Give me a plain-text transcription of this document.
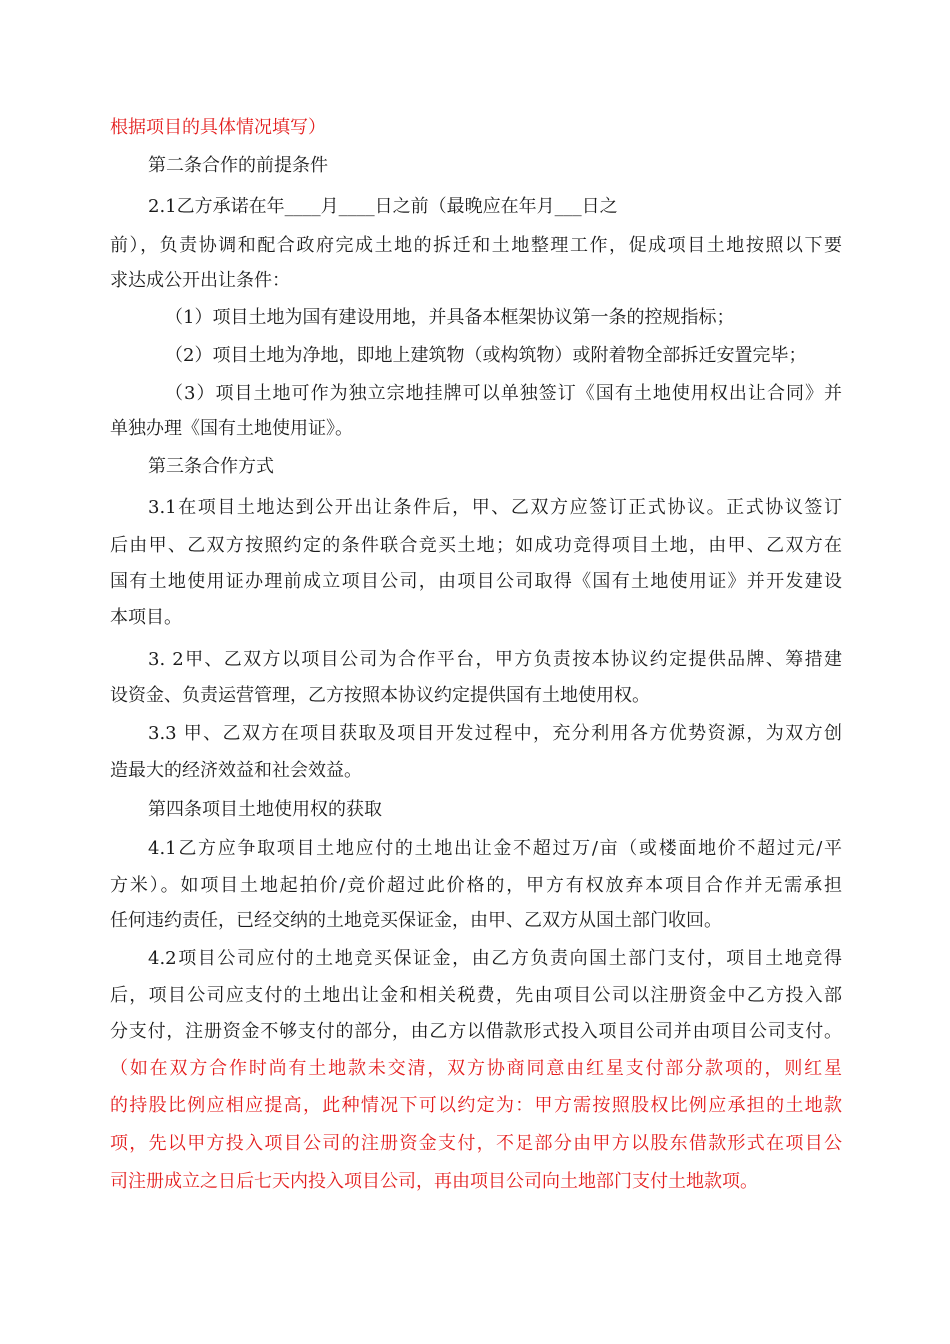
根据项目的具体情况填写）
第二条合作的前提条件
2.1乙方承诺在年____月____日之前（最晚应在年月___日之
前），负责协调和配合政府完成土地的拆迁和土地整理工作，促成项目土地按照以下要
求达成公开出让条件：
（1）项目土地为国有建设用地，并具备本框架协议第一条的控规指标；
（2）项目土地为净地，即地上建筑物（或构筑物）或附着物全部拆迁安置完毕；
（3）项目土地可作为独立宗地挂牌可以单独签订《国有土地使用权出让合同》并
单独办理《国有土地使用证》。
第三条合作方式
3.1在项目土地达到公开出让条件后，甲、乙双方应签订正式协议。正式协议签订
后由甲、乙双方按照约定的条件联合竞买土地；如成功竞得项目土地，由甲、乙双方在
国有土地使用证办理前成立项目公司，由项目公司取得《国有土地使用证》并开发建设
本项目。
3. 2甲、乙双方以项目公司为合作平台，甲方负责按本协议约定提供品牌、筹措建
设资金、负责运营管理，乙方按照本协议约定提供国有土地使用权。
3.3 甲、乙双方在项目获取及项目开发过程中，充分利用各方优势资源，为双方创
造最大的经济效益和社会效益。
第四条项目土地使用权的获取
4.1乙方应争取项目土地应付的土地出让金不超过万/亩（或楼面地价不超过元/平
方米）。如项目土地起拍价/竞价超过此价格的，甲方有权放弃本项目合作并无需承担
任何违约责任，已经交纳的土地竞买保证金，由甲、乙双方从国土部门收回。
4.2项目公司应付的土地竞买保证金，由乙方负责向国土部门支付，项目土地竞得
后，项目公司应支付的土地出让金和相关税费，先由项目公司以注册资金中乙方投入部
分支付，注册资金不够支付的部分，由乙方以借款形式投入项目公司并由项目公司支付。
（如在双方合作时尚有土地款未交清，双方协商同意由红星支付部分款项的，则红星
的持股比例应相应提高，此种情况下可以约定为：甲方需按照股权比例应承担的土地款
项，先以甲方投入项目公司的注册资金支付，不足部分由甲方以股东借款形式在项目公
司注册成立之日后七天内投入项目公司，再由项目公司向土地部门支付土地款项。
